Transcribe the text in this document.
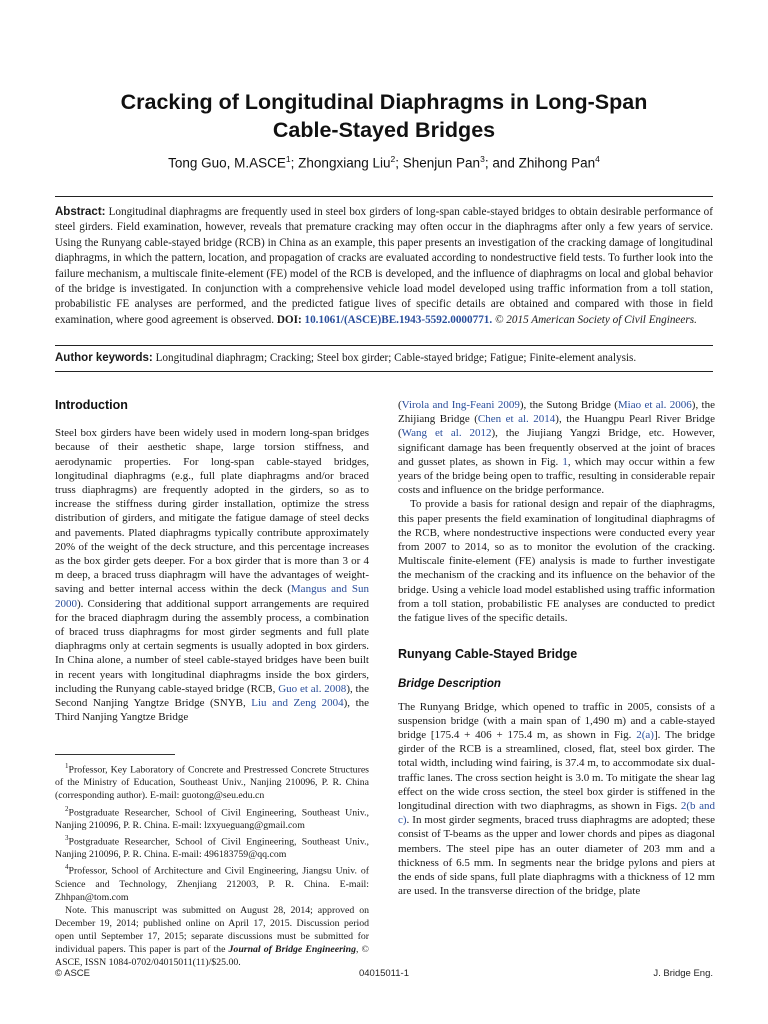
Cracking of Longitudinal Diaphragms in Long-Span
Cable-Stayed Bridges
Tong Guo, M.ASCE$^1$; Zhongxiang Liu$^2$; Shenjun Pan$^3$; and Zhihong Pan$^4$
Abstract: Longitudinal diaphragms are frequently used in steel box girders of long-span cable-stayed bridges to obtain desirable performance of steel girders. Field examination, however, reveals that premature cracking may often occur in the diaphragms after only a few years of service. Using the Runyang cable-stayed bridge (RCB) in China as an example, this paper presents an investigation of the cracking damage of longitudinal diaphragms, in which the pattern, location, and propagation of cracks are evaluated according to nondestructive field tests. To further look into the failure mechanism, a multiscale finite-element (FE) model of the RCB is developed, and the influence of diaphragms on local and global behavior of the bridge is investigated. In conjunction with a comprehensive vehicle load model developed using traffic information from a toll station, probabilistic FE analyses are performed, and the predicted fatigue lives of specific details are obtained and compared with those in field examination, where good agreement is observed. DOI: 10.1061/(ASCE)BE.1943-5592.0000771. © 2015 American Society of Civil Engineers.
Author keywords: Longitudinal diaphragm; Cracking; Steel box girder; Cable-stayed bridge; Fatigue; Finite-element analysis.
Introduction

Steel box girders have been widely used in modern long-span bridges because of their aesthetic shape, large torsion stiffness, and aerodynamic properties. For long-span cable-stayed bridges, longitudinal diaphragms (e.g., full plate diaphragms and/or braced truss diaphragms) are frequently adopted in the girders, so as to increase the stiffness during girder installation, optimize the stress distribution of girders, and mitigate the fatigue damage of steel decks and pavements. Plated diaphragms typically contribute approximately 20% of the weight of the deck structure, and this percentage increases as the box girder gets deeper. For a box girder that is more than 3 or 4 m deep, a braced truss diaphragm will have the advantages of weight-saving and better internal access within the deck (Mangus and Sun 2000). Considering that additional support arrangements are required for the braced diaphragm during the assembly process, a combination of braced truss diaphragms for most girder segments and full plate diaphragms only at certain segments is usually adopted in box girders. In China alone, a number of steel cable-stayed bridges have been built in recent years with longitudinal diaphragms inside the box girders, including the Runyang cable-stayed bridge (RCB, Guo et al. 2008), the Second Nanjing Yangtze Bridge (SNYB, Liu and Zeng 2004), the Third Nanjing Yangtze Bridge

$^1$Professor, Key Laboratory of Concrete and Prestressed Concrete Structures of the Ministry of Education, Southeast Univ., Nanjing 210096, P. R. China (corresponding author). E-mail: guotong@seu.edu.cn

$^2$Postgraduate Researcher, School of Civil Engineering, Southeast Univ., Nanjing 210096, P. R. China. E-mail: lzxyueguang@gmail.com

$^3$Postgraduate Researcher, School of Civil Engineering, Southeast Univ., Nanjing 210096, P. R. China. E-mail: 496183759@qq.com

$^4$Professor, School of Architecture and Civil Engineering, Jiangsu Univ. of Science and Technology, Zhenjiang 212003, P. R. China. E-mail: Zhhpan@tom.com

Note. This manuscript was submitted on August 28, 2014; approved on December 19, 2014; published online on April 17, 2015. Discussion period open until September 17, 2015; separate discussions must be submitted for individual papers. This paper is part of the Journal of Bridge Engineering, © ASCE, ISSN 1084-0702/04015011(11)/$25.00.

(Virola and Ing-Feani 2009), the Sutong Bridge (Miao et al. 2006), the Zhijiang Bridge (Chen et al. 2014), the Huangpu Pearl River Bridge (Wang et al. 2012), the Jiujiang Yangzi Bridge, etc. However, significant damage has been frequently observed at the joint of braces and gusset plates, as shown in Fig. 1, which may occur within a few years of the bridge being open to traffic, resulting in considerable repair costs and influence on the bridge performance.

To provide a basis for rational design and repair of the diaphragms, this paper presents the field examination of longitudinal diaphragms of the RCB, where nondestructive inspections were conducted every year from 2007 to 2014, so as to monitor the evolution of the cracking. Multiscale finite-element (FE) analysis is made to further investigate the mechanism of the cracking and its influence on the behavior of the bridge. Using a vehicle load model established using traffic information from a toll station, probabilistic FE analyses are conducted to predict the fatigue lives of the specific details.

Runyang Cable-Stayed Bridge
Bridge Description

The Runyang Bridge, which opened to traffic in 2005, consists of a suspension bridge (with a main span of 1,490 m) and a cable-stayed bridge [175.4 + 406 + 175.4 m, as shown in Fig. 2(a)]. The bridge girder of the RCB is a streamlined, closed, flat, steel box girder. The total width, including wind fairing, is 37.4 m, to accommodate six dual-traffic lanes. The cross section height is 3.0 m. To mitigate the shear lag effect on the wide cross section, the steel box girder is stiffened in the longitudinal direction with two diaphragms, as shown in Figs. 2(b and c). In most girder segments, braced truss diaphragms are adopted; these consist of T-beams as the upper and lower chords and pipes as diagonal members. The steel pipe has an outer diameter of 203 mm and a thickness of 6.5 mm. In segments near the bridge pylons and piers at the ends of side spans, full plate diaphragms with a thickness of 12 mm are used. In the transverse direction of the bridge, plate

© ASCE	04015011-1	J. Bridge Eng.
